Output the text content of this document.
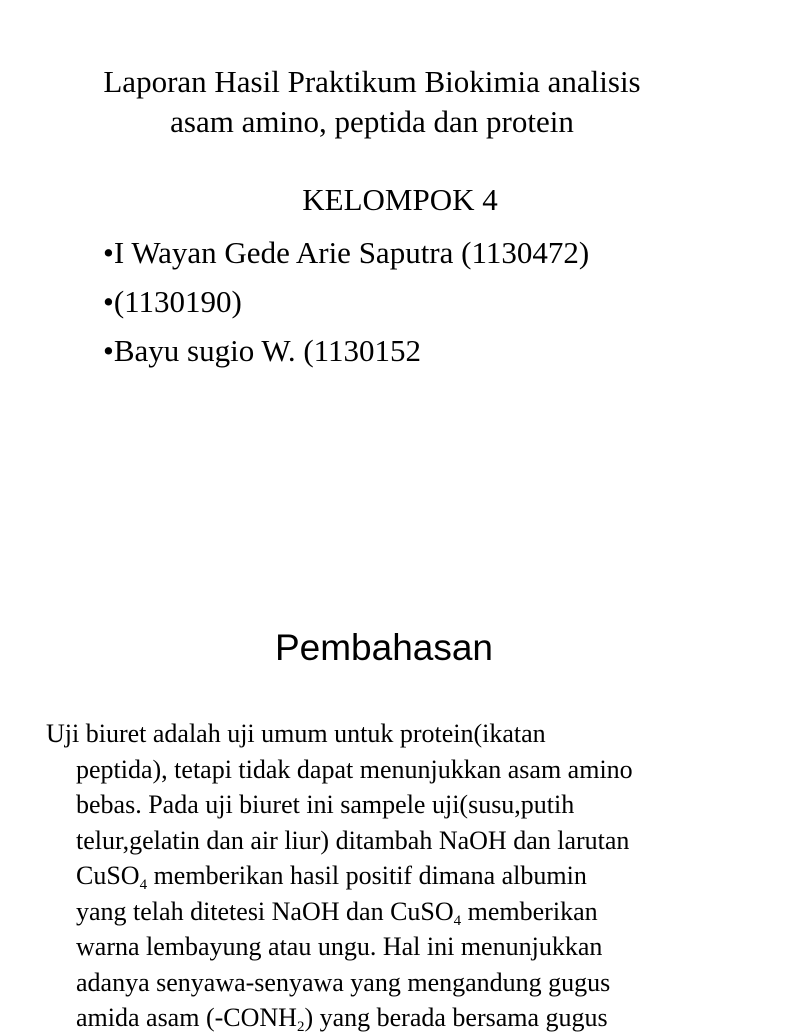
Laporan Hasil Praktikum Biokimia analisis
asam amino, peptida dan protein
KELOMPOK 4
•I Wayan Gede Arie Saputra (1130472)
•(1130190)
•Bayu sugio W. (1130152
Pembahasan
Uji biuret adalah uji umum untuk protein(ikatan
peptida), tetapi tidak dapat menunjukkan asam amino
bebas. Pada uji biuret ini sampele uji(susu,putih
telur,gelatin dan air liur) ditambah NaOH dan larutan
CuSO$_4$ memberikan hasil positif dimana albumin
yang telah ditetesi NaOH dan CuSO$_4$ memberikan
warna lembayung atau ungu. Hal ini menunjukkan
adanya senyawa-senyawa yang mengandung gugus
amida asam $(-CONH_2)$ yang berada bersama gugus
